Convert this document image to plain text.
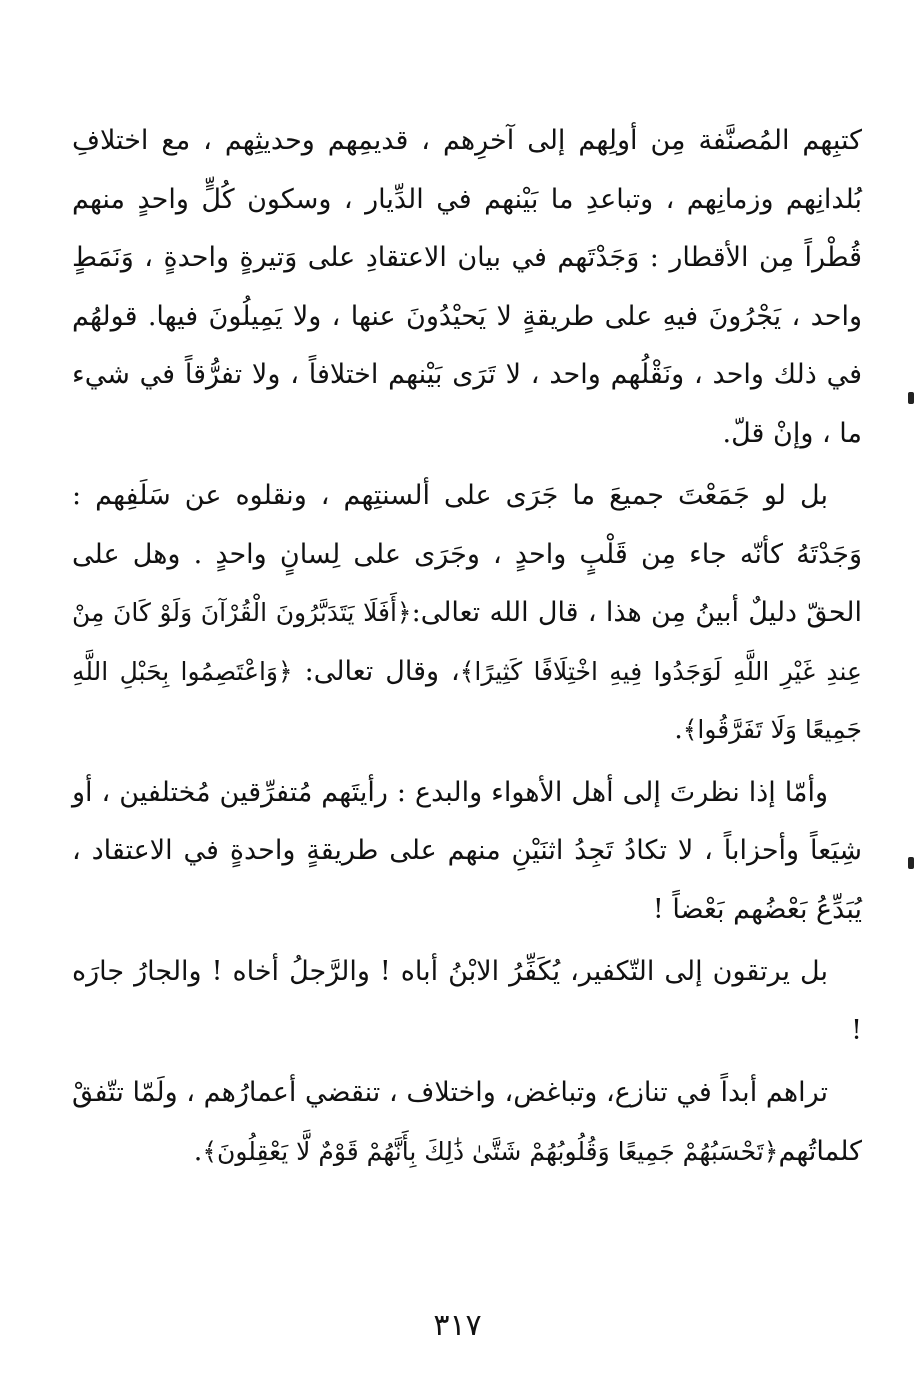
كتبِهم المُصنَّفة مِن أولِهم إلى آخرِهم ، قديمِهم وحديثِهم ، مع اختلافِ بُلدانِهم وزمانِهم ، وتباعدِ ما بَيْنهم في الدِّيار ، وسكون كُلٍّ واحدٍ منهم قُطْراً مِن الأقطار : وَجَدْتَهم في بيان الاعتقادِ على وَتيرةٍ واحدةٍ ، وَنَمَطٍ واحد ، يَجْرُونَ فيهِ على طريقةٍ لا يَحيْدُونَ عنها ، ولا يَمِيلُونَ فيها. قولهُم في ذلك واحد ، ونَقْلُهم واحد ، لا تَرَى بَيْنهم اختلافاً ، ولا تفرُّقاً في شيء ما ، وإنْ قلّ.

بل لو جَمَعْتَ جميعَ ما جَرَى على ألسنتِهم ، ونقلوه عن سَلَفِهم : وَجَدْتَهُ كأنّه جاء مِن قَلْبٍ واحدٍ ، وجَرَى على لِسانٍ واحدٍ . وهل على الحقّ دليلٌ أبينُ مِن هذا ، قال الله تعالى:﴿أَفَلَا يَتَدَبَّرُونَ الْقُرْآنَ وَلَوْ كَانَ مِنْ عِندِ غَيْرِ اللَّهِ لَوَجَدُوا فِيهِ اخْتِلَافًا كَثِيرًا﴾، وقال تعالى: ﴿وَاعْتَصِمُوا بِحَبْلِ اللَّهِ جَمِيعًا وَلَا تَفَرَّقُوا﴾.

وأمّا إذا نظرتَ إلى أهل الأهواء والبدع : رأيتَهم مُتفرِّقين مُختلفين ، أو شِيَعاً وأحزاباً ، لا تكادُ تَجِدُ اثنَيْنِ منهم على طريقةٍ واحدةٍ في الاعتقاد ، يُبَدِّعُ بَعْضُهم بَعْضاً !

بل يرتقون إلى التّكفير، يُكَفِّرُ الابْنُ أباه ! والرَّجلُ أخاه ! والجارُ جارَه !

تراهم أبداً في تنازع، وتباغض، واختلاف ، تنقضي أعمارُهم ، ولَمّا تتّفقْ كلماتُهم﴿تَحْسَبُهُمْ جَمِيعًا وَقُلُوبُهُمْ شَتَّىٰ ذَٰلِكَ بِأَنَّهُمْ قَوْمٌ لَّا يَعْقِلُونَ﴾.

٣١٧
